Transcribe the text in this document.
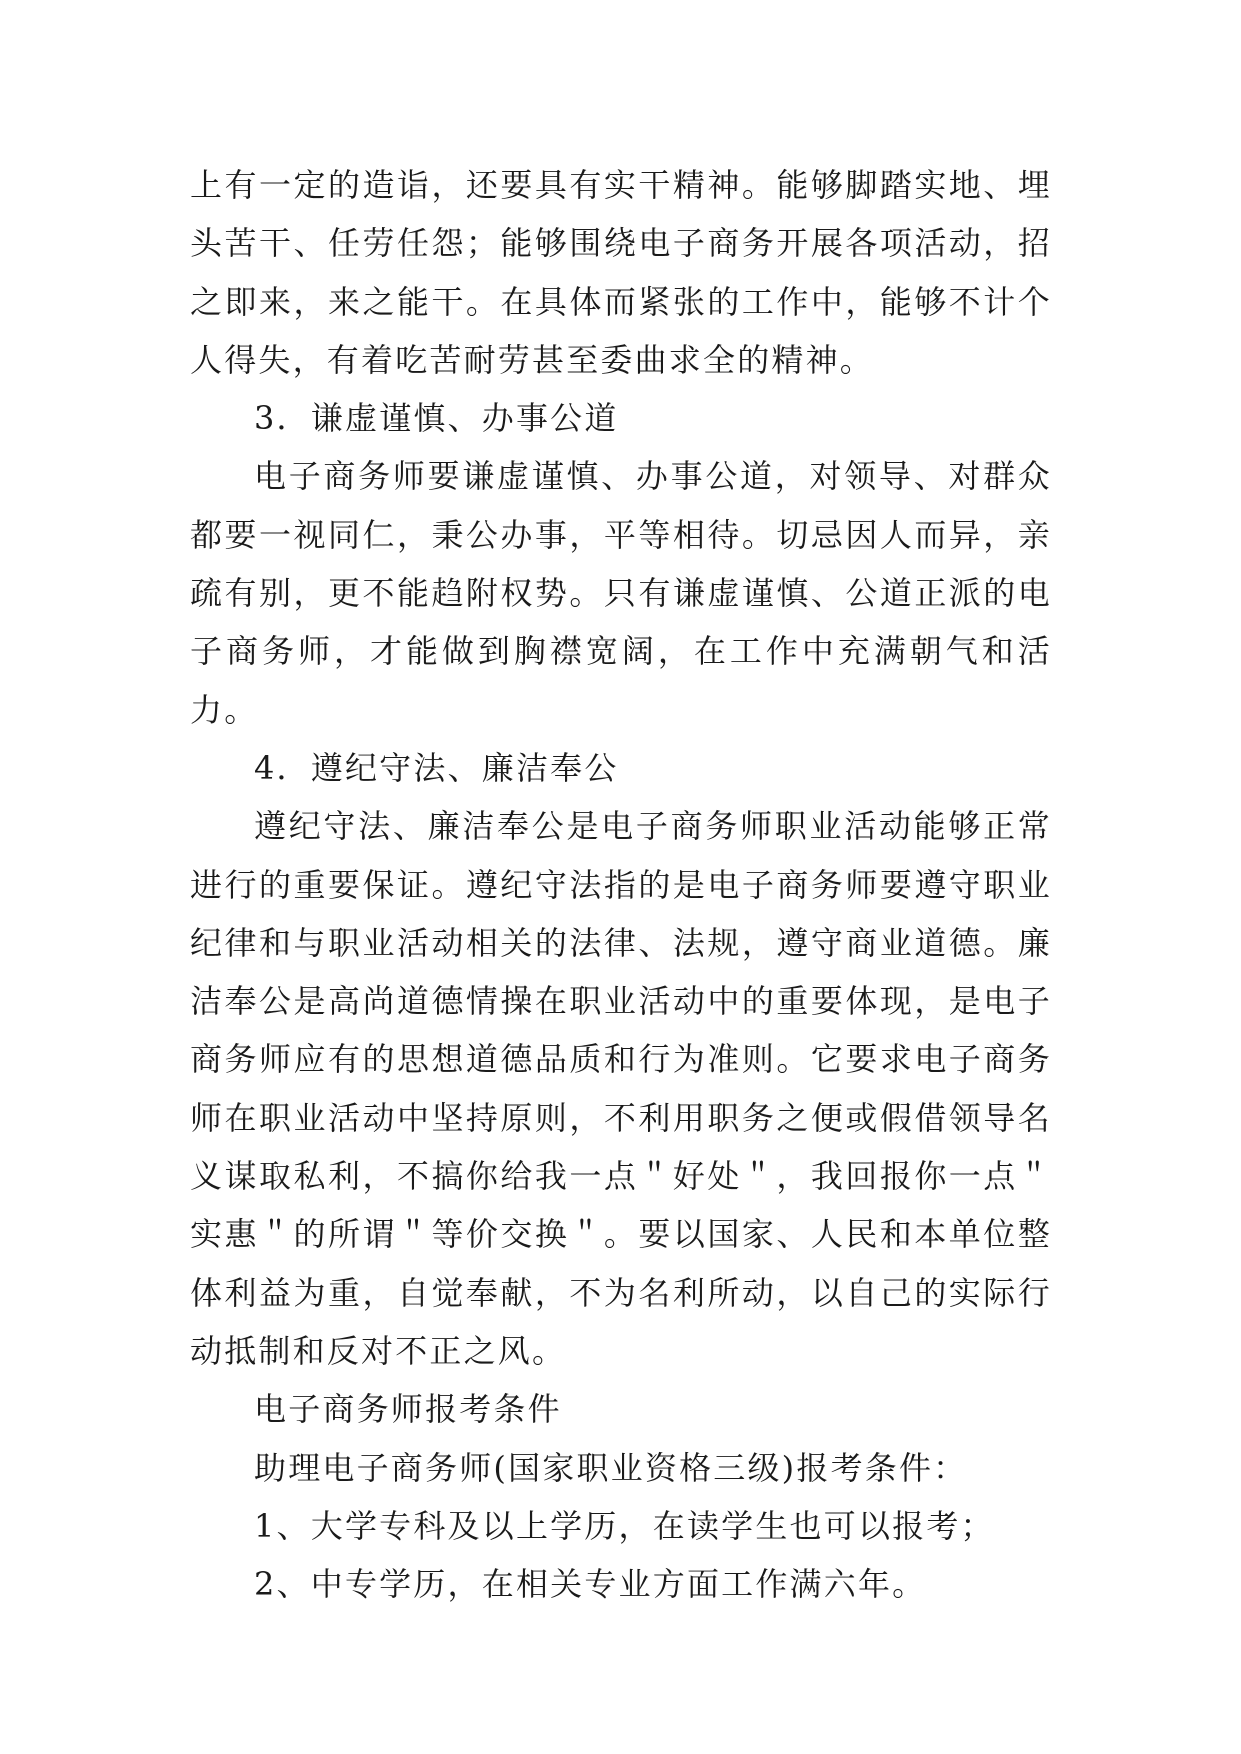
上有一定的造诣，还要具有实干精神。能够脚踏实地、埋头苦干、任劳任怨；能够围绕电子商务开展各项活动，招之即来，来之能干。在具体而紧张的工作中，能够不计个人得失，有着吃苦耐劳甚至委曲求全的精神。

3．谦虚谨慎、办事公道

电子商务师要谦虚谨慎、办事公道，对领导、对群众都要一视同仁，秉公办事，平等相待。切忌因人而异，亲疏有别，更不能趋附权势。只有谦虚谨慎、公道正派的电子商务师，才能做到胸襟宽阔，在工作中充满朝气和活力。

4．遵纪守法、廉洁奉公

遵纪守法、廉洁奉公是电子商务师职业活动能够正常进行的重要保证。遵纪守法指的是电子商务师要遵守职业纪律和与职业活动相关的法律、法规，遵守商业道德。廉洁奉公是高尚道德情操在职业活动中的重要体现，是电子商务师应有的思想道德品质和行为准则。它要求电子商务师在职业活动中坚持原则，不利用职务之便或假借领导名义谋取私利，不搞你给我一点＂好处＂，我回报你一点＂实惠＂的所谓＂等价交换＂。要以国家、人民和本单位整体利益为重，自觉奉献，不为名利所动，以自己的实际行动抵制和反对不正之风。

电子商务师报考条件

助理电子商务师(国家职业资格三级)报考条件：

1、大学专科及以上学历，在读学生也可以报考；

2、中专学历，在相关专业方面工作满六年。
